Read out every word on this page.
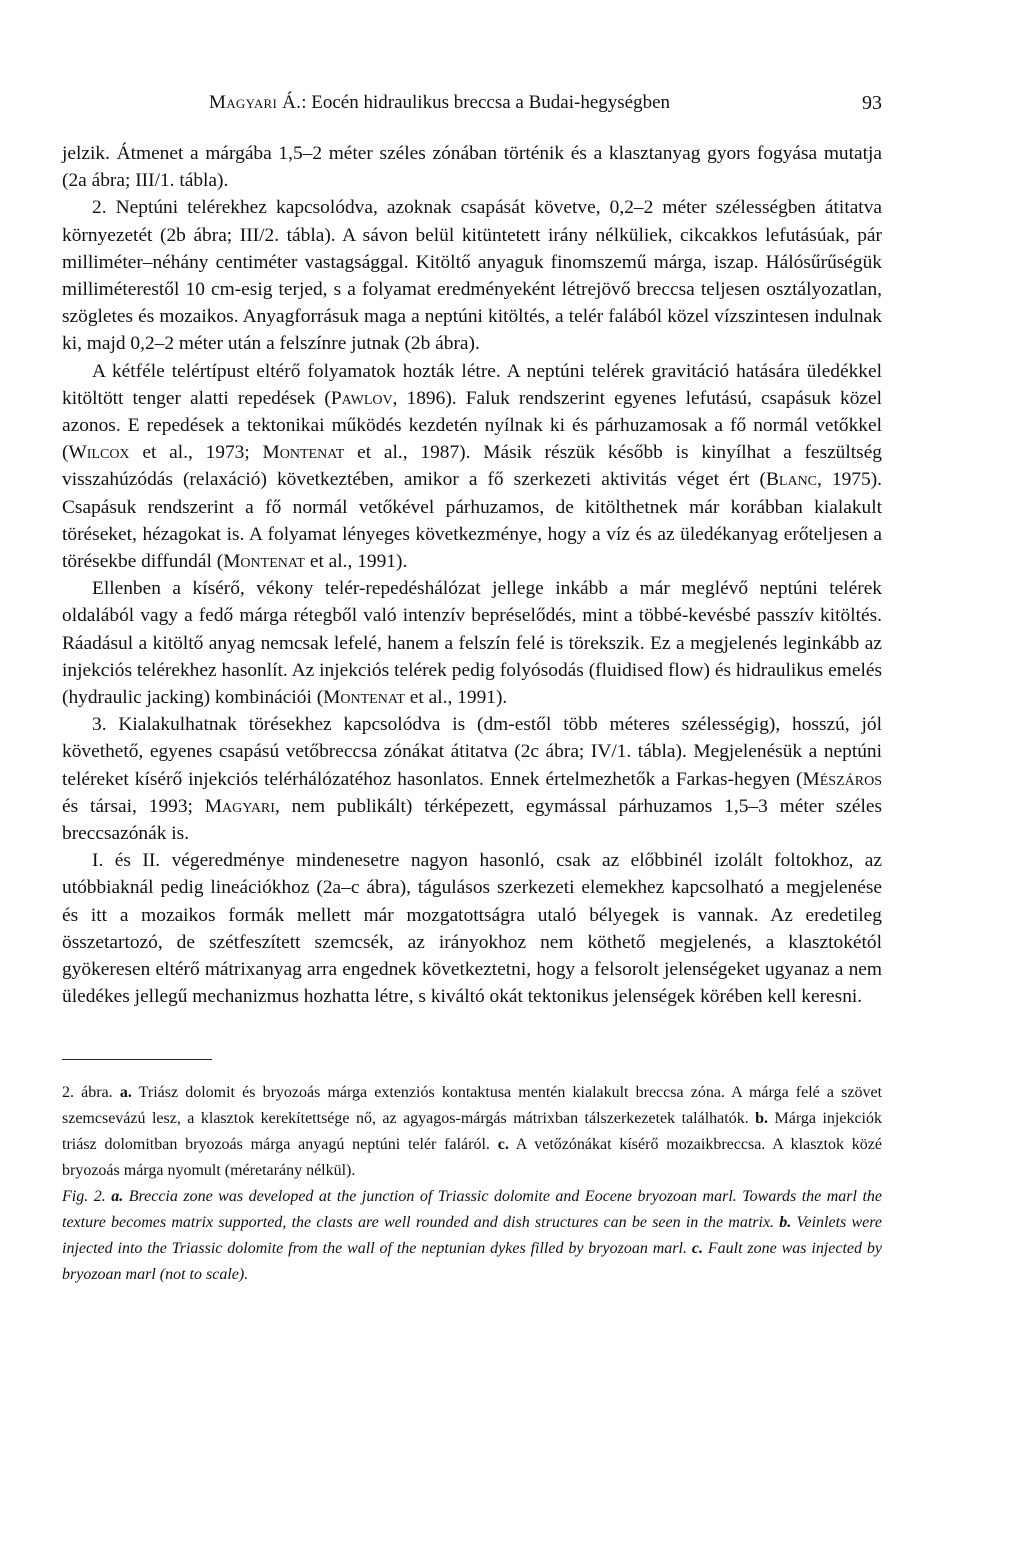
Magyari Á.: Eocén hidraulikus breccsa a Budai-hegységben	93

jelzik. Átmenet a márgába 1,5–2 méter széles zónában történik és a klasztanyag gyors fogyása mutatja (2a ábra; III/1. tábla).

2. Neptúni telérekhez kapcsolódva, azoknak csapását követve, 0,2–2 méter szélességben átitatva környezetét (2b ábra; III/2. tábla). A sávon belül kitüntetett irány nélküliek, cikcakkos lefutásúak, pár milliméter–néhány centiméter vastagsággal. Kitöltő anyaguk finomszemű márga, iszap. Hálósűrűségük milliméterestől 10 cm-esig terjed, s a folyamat eredményeként létrejövő breccsa teljesen osztályozatlan, szögletes és mozaikos. Anyagforrásuk maga a neptúni kitöltés, a telér falából közel vízszintesen indulnak ki, majd 0,2–2 méter után a felszínre jutnak (2b ábra).

A kétféle telértípust eltérő folyamatok hozták létre. A neptúni telérek gravitáció hatására üledékkel kitöltött tenger alatti repedések (Pawlov, 1896). Faluk rendszerint egyenes lefutású, csapásuk közel azonos. E repedések a tektonikai működés kezdetén nyílnak ki és párhuzamosak a fő normál vetőkkel (Wilcox et al., 1973; Montenat et al., 1987). Másik részük később is kinyílhat a feszültség visszahúzódás (relaxáció) következtében, amikor a fő szerkezeti aktivitás véget ért (Blanc, 1975). Csapásuk rendszerint a fő normál vetőkével párhuzamos, de kitölthetnek már korábban kialakult töréseket, hézagokat is. A folyamat lényeges következménye, hogy a víz és az üledékanyag erőteljesen a törésekbe diffundál (Montenat et al., 1991).

Ellenben a kísérő, vékony telér-repedéshálózat jellege inkább a már meglévő neptúni telérek oldalából vagy a fedő márga rétegből való intenzív bepréselődés, mint a többé-kevésbé passzív kitöltés. Ráadásul a kitöltő anyag nemcsak lefelé, hanem a felszín felé is törekszik. Ez a megjelenés leginkább az injekciós telérekhez hasonlít. Az injekciós telérek pedig folyósodás (fluidised flow) és hidraulikus emelés (hydraulic jacking) kombinációi (Montenat et al., 1991).

3. Kialakulhatnak törésekhez kapcsolódva is (dm-estől több méteres szélességig), hosszú, jól követhető, egyenes csapású vetőbreccsa zónákat átitatva (2c ábra; IV/1. tábla). Megjelenésük a neptúni teléreket kísérő injekciós telérhálózatéhoz hasonlatos. Ennek értelmezhetők a Farkas-hegyen (Mészáros és társai, 1993; Magyari, nem publikált) térképezett, egymással párhuzamos 1,5–3 méter széles breccsazónák is.

I. és II. végeredménye mindenesetre nagyon hasonló, csak az előbbinél izolált foltokhoz, az utóbbiaknál pedig lineációkhoz (2a–c ábra), tágulásos szerkezeti elemekhez kapcsolható a megjelenése és itt a mozaikos formák mellett már mozgatottságra utaló bélyegek is vannak. Az eredetileg összetartozó, de szétfeszített szemcsék, az irányokhoz nem köthető megjelenés, a klasztokétól gyökeresen eltérő mátrixanyag arra engednek következtetni, hogy a felsorolt jelenségeket ugyanaz a nem üledékes jellegű mechanizmus hozhatta létre, s kiváltó okát tektonikus jelenségek körében kell keresni.

2. ábra. a. Triász dolomit és bryozoás márga extenziós kontaktusa mentén kialakult breccsa zóna. A márga felé a szövet szemcsevázú lesz, a klasztok kerekítettsége nő, az agyagos-márgás mátrixban tálszerkezetek találhatók. b. Márga injekciók triász dolomitban bryozoás márga anyagú neptúni telér faláról. c. A vetőzónákat kísérő mozaikbreccsa. A klasztok közé bryozoás márga nyomult (méretarány nélkül).

Fig. 2. a. Breccia zone was developed at the junction of Triassic dolomite and Eocene bryozoan marl. Towards the marl the texture becomes matrix supported, the clasts are well rounded and dish structures can be seen in the matrix. b. Veinlets were injected into the Triassic dolomite from the wall of the neptunian dykes filled by bryozoan marl. c. Fault zone was injected by bryozoan marl (not to scale).
